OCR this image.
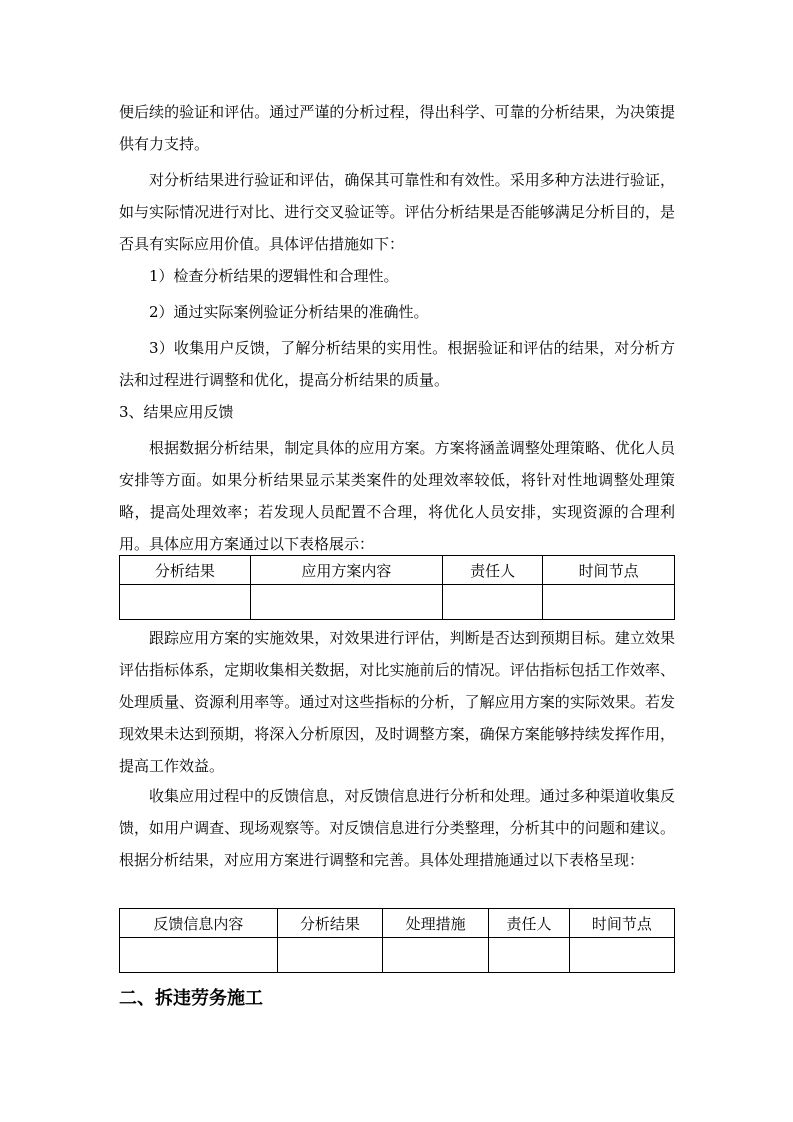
便后续的验证和评估。通过严谨的分析过程，得出科学、可靠的分析结果，为决策提供有力支持。

对分析结果进行验证和评估，确保其可靠性和有效性。采用多种方法进行验证，如与实际情况进行对比、进行交叉验证等。评估分析结果是否能够满足分析目的，是否具有实际应用价值。具体评估措施如下：

1）检查分析结果的逻辑性和合理性。

2）通过实际案例验证分析结果的准确性。

3）收集用户反馈，了解分析结果的实用性。根据验证和评估的结果，对分析方法和过程进行调整和优化，提高分析结果的质量。

3、结果应用反馈

根据数据分析结果，制定具体的应用方案。方案将涵盖调整处理策略、优化人员安排等方面。如果分析结果显示某类案件的处理效率较低，将针对性地调整处理策略，提高处理效率；若发现人员配置不合理，将优化人员安排，实现资源的合理利用。具体应用方案通过以下表格展示：

分析结果	应用方案内容	责任人	时间节点

跟踪应用方案的实施效果，对效果进行评估，判断是否达到预期目标。建立效果评估指标体系，定期收集相关数据，对比实施前后的情况。评估指标包括工作效率、处理质量、资源利用率等。通过对这些指标的分析，了解应用方案的实际效果。若发现效果未达到预期，将深入分析原因，及时调整方案，确保方案能够持续发挥作用，提高工作效益。

收集应用过程中的反馈信息，对反馈信息进行分析和处理。通过多种渠道收集反馈，如用户调查、现场观察等。对反馈信息进行分类整理，分析其中的问题和建议。根据分析结果，对应用方案进行调整和完善。具体处理措施通过以下表格呈现：

反馈信息内容	分析结果	处理措施	责任人	时间节点

二、拆违劳务施工
